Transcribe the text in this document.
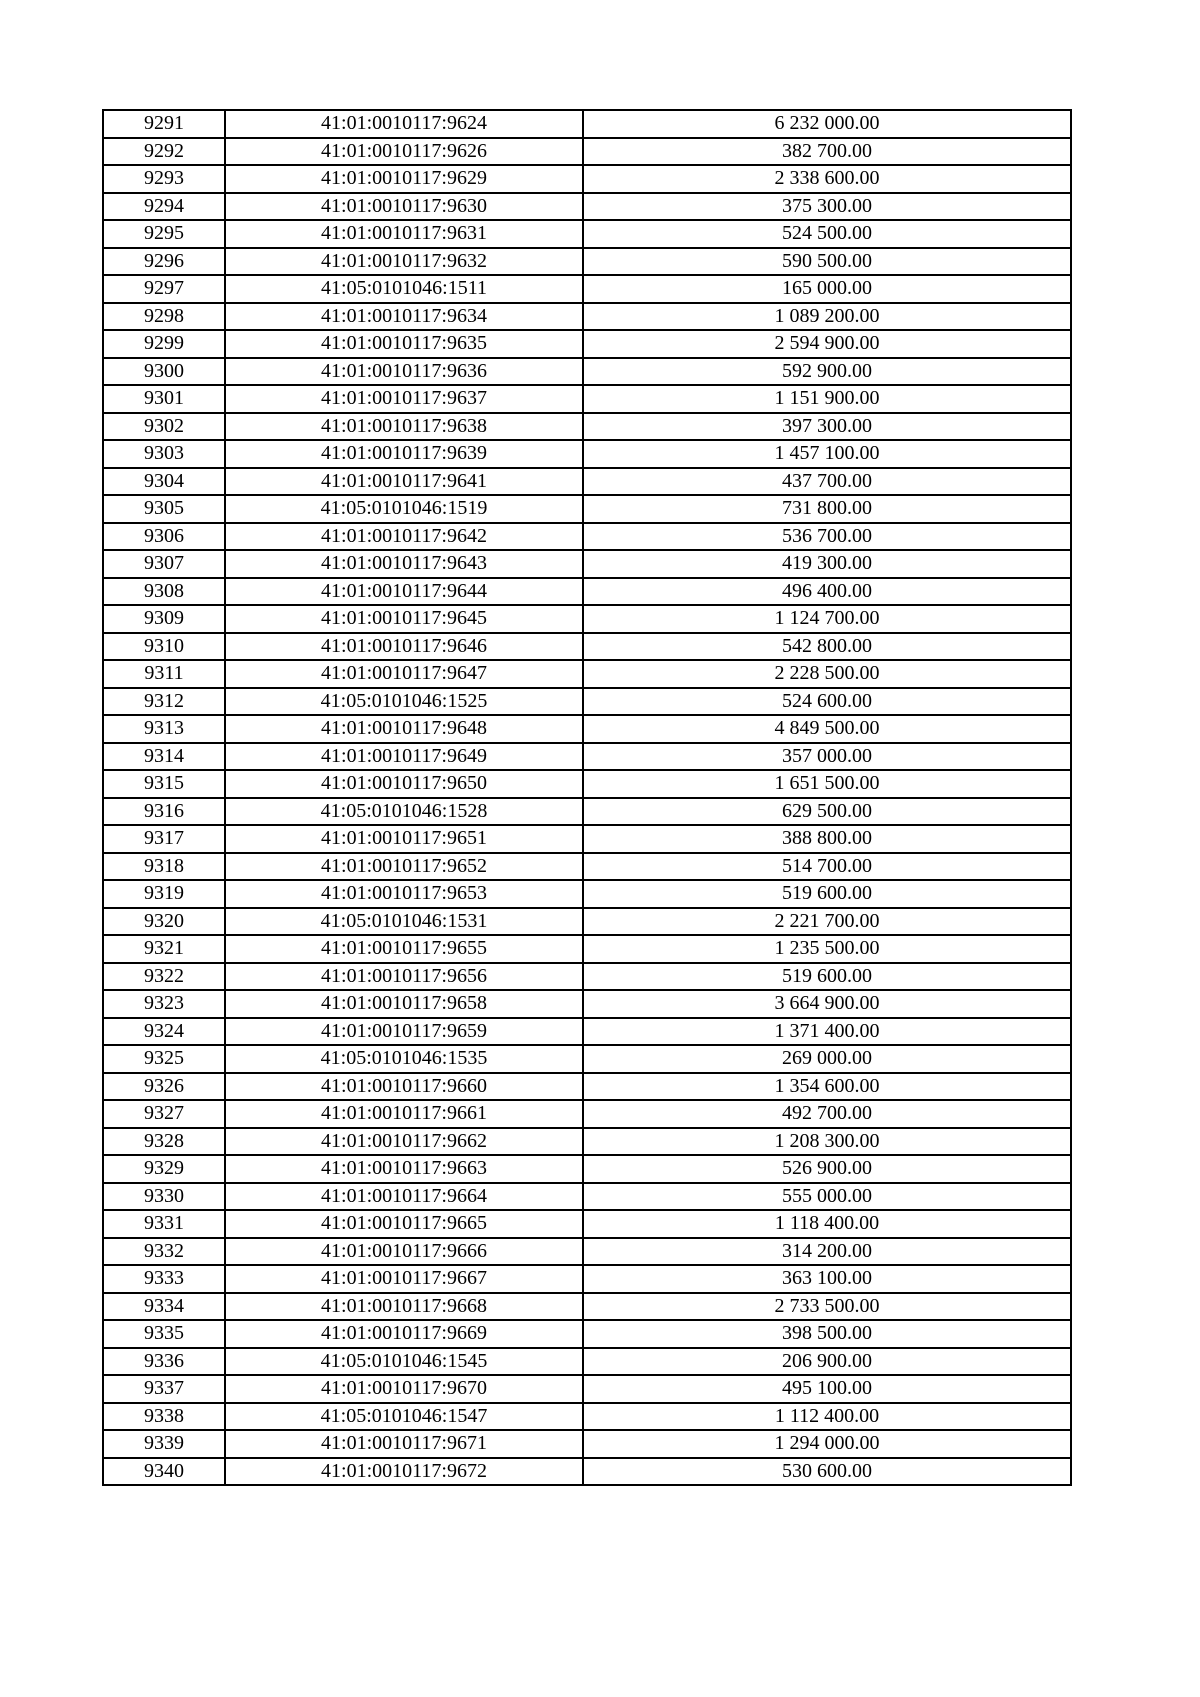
9291	41:01:0010117:9624	6 232 000.00
9292	41:01:0010117:9626	382 700.00
9293	41:01:0010117:9629	2 338 600.00
9294	41:01:0010117:9630	375 300.00
9295	41:01:0010117:9631	524 500.00
9296	41:01:0010117:9632	590 500.00
9297	41:05:0101046:1511	165 000.00
9298	41:01:0010117:9634	1 089 200.00
9299	41:01:0010117:9635	2 594 900.00
9300	41:01:0010117:9636	592 900.00
9301	41:01:0010117:9637	1 151 900.00
9302	41:01:0010117:9638	397 300.00
9303	41:01:0010117:9639	1 457 100.00
9304	41:01:0010117:9641	437 700.00
9305	41:05:0101046:1519	731 800.00
9306	41:01:0010117:9642	536 700.00
9307	41:01:0010117:9643	419 300.00
9308	41:01:0010117:9644	496 400.00
9309	41:01:0010117:9645	1 124 700.00
9310	41:01:0010117:9646	542 800.00
9311	41:01:0010117:9647	2 228 500.00
9312	41:05:0101046:1525	524 600.00
9313	41:01:0010117:9648	4 849 500.00
9314	41:01:0010117:9649	357 000.00
9315	41:01:0010117:9650	1 651 500.00
9316	41:05:0101046:1528	629 500.00
9317	41:01:0010117:9651	388 800.00
9318	41:01:0010117:9652	514 700.00
9319	41:01:0010117:9653	519 600.00
9320	41:05:0101046:1531	2 221 700.00
9321	41:01:0010117:9655	1 235 500.00
9322	41:01:0010117:9656	519 600.00
9323	41:01:0010117:9658	3 664 900.00
9324	41:01:0010117:9659	1 371 400.00
9325	41:05:0101046:1535	269 000.00
9326	41:01:0010117:9660	1 354 600.00
9327	41:01:0010117:9661	492 700.00
9328	41:01:0010117:9662	1 208 300.00
9329	41:01:0010117:9663	526 900.00
9330	41:01:0010117:9664	555 000.00
9331	41:01:0010117:9665	1 118 400.00
9332	41:01:0010117:9666	314 200.00
9333	41:01:0010117:9667	363 100.00
9334	41:01:0010117:9668	2 733 500.00
9335	41:01:0010117:9669	398 500.00
9336	41:05:0101046:1545	206 900.00
9337	41:01:0010117:9670	495 100.00
9338	41:05:0101046:1547	1 112 400.00
9339	41:01:0010117:9671	1 294 000.00
9340	41:01:0010117:9672	530 600.00
